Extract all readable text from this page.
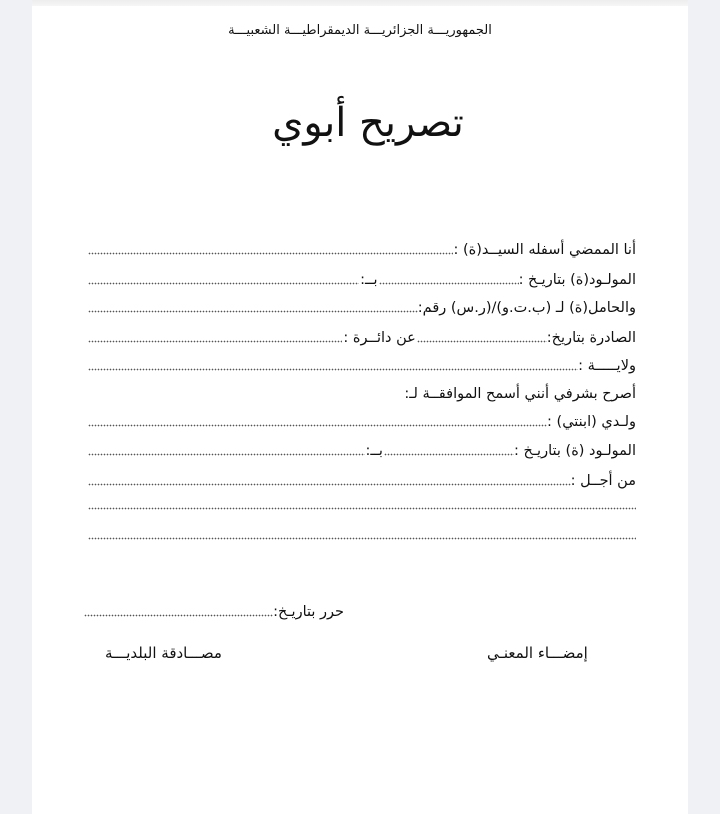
الجمهوريـــة الجزائريـــة الديمقراطيـــة الشعبيـــة
تصريح أبوي
أنا الممضي أسفله السيــد(ة) :
المولـود(ة) بتاريـخ :
بــ:
والحامل(ة) لـ (ب.ت.و)/(ر.س) رقم:
الصادرة بتاريخ:
عن دائــرة :
ولايـــــة :
أصرح بشرفي أنني أسمح الموافقــة لـ:
ولـدي (ابنتي) :
المولـود (ة) بتاريـخ :
بــ:
من أجــل :
حرر بتاريـخ:
إمضـــاء المعنـي
مصـــادقة البلديـــة
